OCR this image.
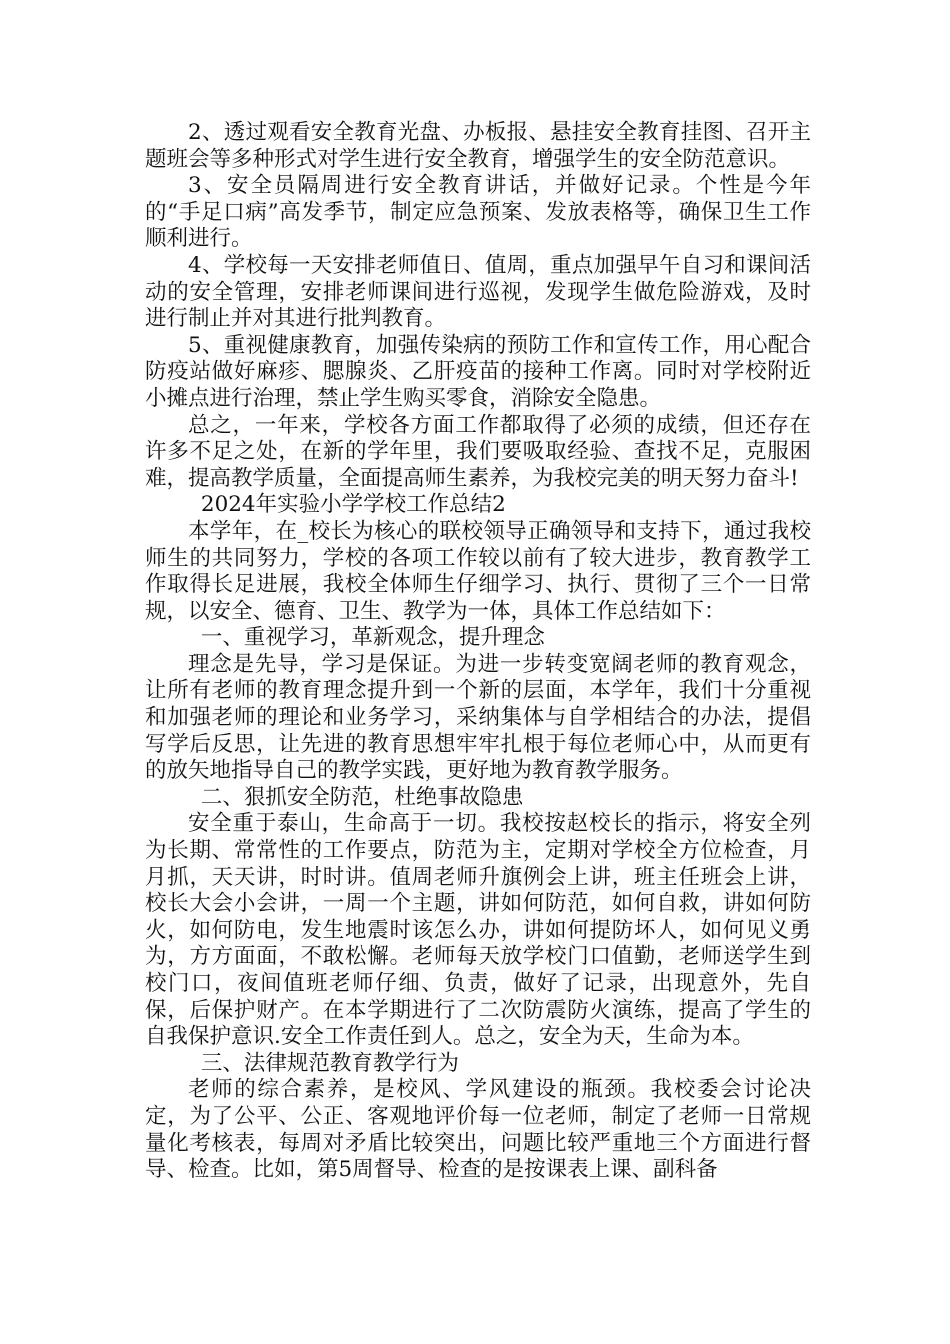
2、透过观看安全教育光盘、办板报、悬挂安全教育挂图、召开主题班会等多种形式对学生进行安全教育，增强学生的安全防范意识。

3、安全员隔周进行安全教育讲话，并做好记录。个性是今年的“手足口病”高发季节，制定应急预案、发放表格等，确保卫生工作顺利进行。

4、学校每一天安排老师值日、值周，重点加强早午自习和课间活动的安全管理，安排老师课间进行巡视，发现学生做危险游戏，及时进行制止并对其进行批判教育。

5、重视健康教育，加强传染病的预防工作和宣传工作，用心配合防疫站做好麻疹、腮腺炎、乙肝疫苗的接种工作离。同时对学校附近小摊点进行治理，禁止学生购买零食，消除安全隐患。

总之，一年来，学校各方面工作都取得了必须的成绩，但还存在许多不足之处，在新的学年里，我们要吸取经验、查找不足，克服困难，提高教学质量，全面提高师生素养，为我校完美的明天努力奋斗!

2024年实验小学学校工作总结2

本学年，在_校长为核心的联校领导正确领导和支持下，通过我校师生的共同努力，学校的各项工作较以前有了较大进步，教育教学工作取得长足进展，我校全体师生仔细学习、执行、贯彻了三个一日常规，以安全、德育、卫生、教学为一体，具体工作总结如下：

一、重视学习，革新观念，提升理念

理念是先导，学习是保证。为进一步转变宽阔老师的教育观念，让所有老师的教育理念提升到一个新的层面，本学年，我们十分重视和加强老师的理论和业务学习，采纳集体与自学相结合的办法，提倡写学后反思，让先进的教育思想牢牢扎根于每位老师心中，从而更有的放矢地指导自己的教学实践，更好地为教育教学服务。

二、狠抓安全防范，杜绝事故隐患

安全重于泰山，生命高于一切。我校按赵校长的指示，将安全列为长期、常常性的工作要点，防范为主，定期对学校全方位检查，月月抓，天天讲，时时讲。值周老师升旗例会上讲，班主任班会上讲，校长大会小会讲，一周一个主题，讲如何防范，如何自救，讲如何防火，如何防电，发生地震时该怎么办，讲如何提防坏人，如何见义勇为，方方面面，不敢松懈。老师每天放学校门口值勤，老师送学生到校门口，夜间值班老师仔细、负责，做好了记录，出现意外，先自保，后保护财产。在本学期进行了二次防震防火演练，提高了学生的自我保护意识.安全工作责任到人。总之，安全为天，生命为本。

三、法律规范教育教学行为

老师的综合素养，是校风、学风建设的瓶颈。我校委会讨论决定，为了公平、公正、客观地评价每一位老师，制定了老师一日常规量化考核表，每周对矛盾比较突出，问题比较严重地三个方面进行督导、检查。比如，第5周督导、检查的是按课表上课、副科备
